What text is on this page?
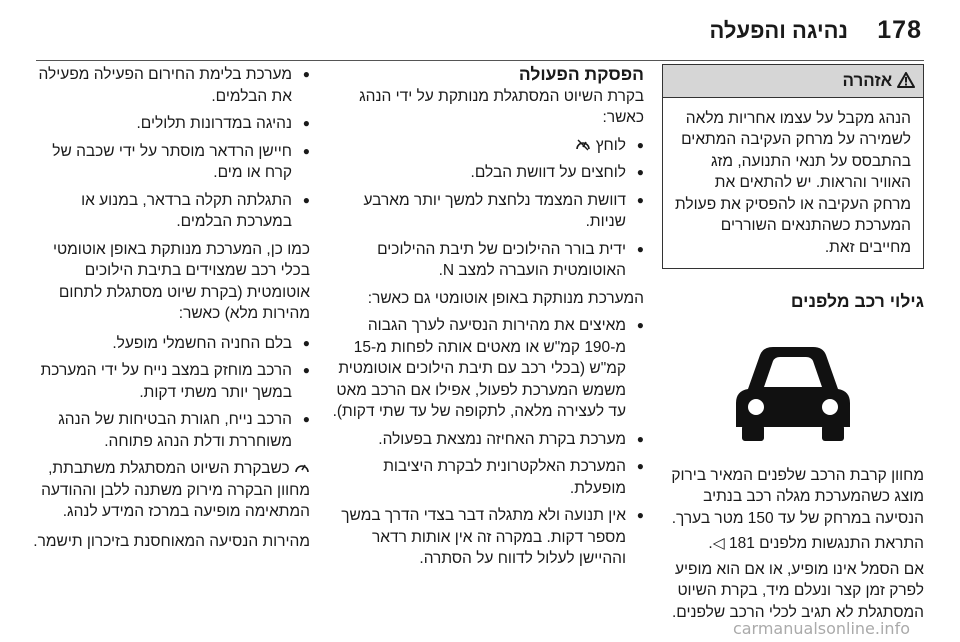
178
נהיגה והפעלה
אזהרה
הנהג מקבל על עצמו אחריות מלאה לשמירה על מרחק העקיבה המתאים בהתבסס על תנאי התנועה, מזג האוויר והראות. יש להתאים את מרחק העקיבה או להפסיק את פעולת המערכת כשהתנאים השוררים מחייבים זאת.
גילוי רכב מלפנים

מחוון קרבת הרכב שלפנים המאיר בירוק מוצג כשהמערכת מגלה רכב בנתיב הנסיעה במרחק של עד 150 מטר בערך.

התראת התנגשות מלפנים 181 ◁.

אם הסמל אינו מופיע, או אם הוא מופיע לפרק זמן קצר ונעלם מיד, בקרת השיוט המסתגלת לא תגיב לכלי הרכב שלפנים.

הפסקת הפעולה

בקרת השיוט המסתגלת מנותקת על ידי הנהג כאשר:

● לוחץ
● לוחצים על דוושת הבלם.
● דוושת המצמד נלחצת למשך יותר מארבע שניות.
● ידית בורר ההילוכים של תיבת ההילוכים האוטומטית הועברה למצב N.

המערכת מנותקת באופן אוטומטי גם כאשר:

● מאיצים את מהירות הנסיעה לערך הגבוה מ-190 קמ"ש או מאטים אותה לפחות מ-15 קמ"ש (בכלי רכב עם תיבת הילוכים אוטומטית משמש המערכת לפעול, אפילו אם הרכב מאט עד לעצירה מלאה, לתקופה של עד שתי דקות).
● מערכת בקרת האחיזה נמצאת בפעולה.
● המערכת האלקטרונית לבקרת היציבות מופעלת.
● אין תנועה ולא מתגלה דבר בצדי הדרך במשך מספר דקות. במקרה זה אין אותות רדאר וההיישן לעלול לדווח על הסתרה.
● מערכת בלימת החירום הפעילה מפעילה את הבלמים.
● נהיגה במדרונות תלולים.
● חיישן הרדאר מוסתר על ידי שכבה של קרח או מים.
● התגלתה תקלה ברדאר, במנוע או במערכת הבלמים.

כמו כן, המערכת מנותקת באופן אוטומטי בכלי רכב שמצוידים בתיבת הילוכים אוטומטית (בקרת שיוט מסתגלת לתחום מהירות מלא) כאשר:

● בלם החניה החשמלי מופעל.
● הרכב מוחזק במצב נייח על ידי המערכת במשך יותר משתי דקות.
● הרכב נייח, חגורת הבטיחות של הנהג משוחררת ודלת הנהג פתוחה.

כשבקרת השיוט המסתגלת משתבתת, מחוון הבקרה מירוק משתנה ללבן וההודעה המתאימה מופיעה במרכז המידע לנהג.

מהירות הנסיעה המאוחסנת בזיכרון תישמר.

carmanualsonline.info
